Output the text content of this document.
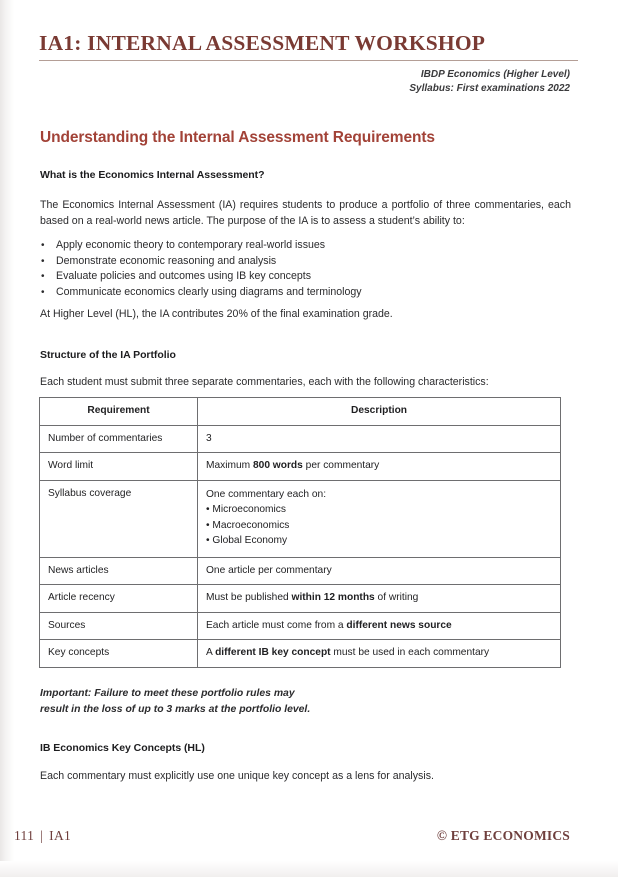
IA1: INTERNAL ASSESSMENT WORKSHOP
IBDP Economics (Higher Level)
Syllabus: First examinations 2022
Understanding the Internal Assessment Requirements
What is the Economics Internal Assessment?
The Economics Internal Assessment (IA) requires students to produce a portfolio of three commentaries, each based on a real-world news article. The purpose of the IA is to assess a student’s ability to:
• Apply economic theory to contemporary real-world issues
• Demonstrate economic reasoning and analysis
• Evaluate policies and outcomes using IB key concepts
• Communicate economics clearly using diagrams and terminology
At Higher Level (HL), the IA contributes 20% of the final examination grade.
Structure of the IA Portfolio
Each student must submit three separate commentaries, each with the following characteristics:
Requirement	Description
Number of commentaries	3
Word limit	Maximum 800 words per commentary
Syllabus coverage	One commentary each on:
• Microeconomics
• Macroeconomics
• Global Economy

News articles	One article per commentary
Article recency	Must be published within 12 months of writing
Sources	Each article must come from a different news source
Key concepts	A different IB key concept must be used in each commentary
Important: Failure to meet these portfolio rules may
result in the loss of up to 3 marks at the portfolio level.
IB Economics Key Concepts (HL)
Each commentary must explicitly use one unique key concept as a lens for analysis.
111 | IA1	© ETG ECONOMICS
